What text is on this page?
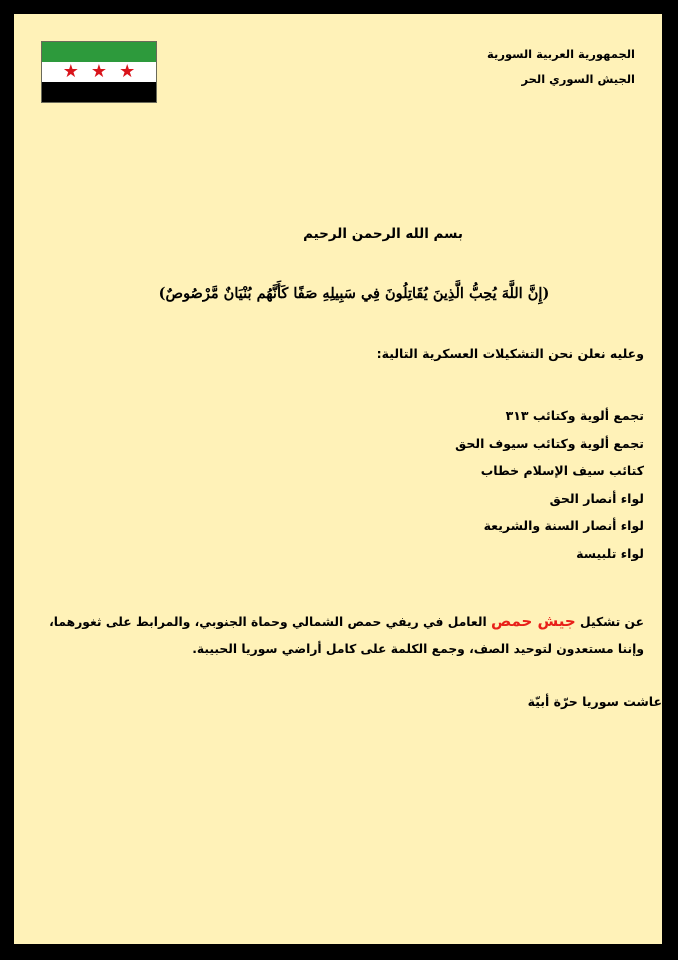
★ ★ ★
الجمهورية العربية السورية
الجيش السوري الحر
بسم الله الرحمن الرحيم
(إِنَّ اللَّهَ يُحِبُّ الَّذِينَ يُقَاتِلُونَ فِي سَبِيلِهِ صَفًا كَأَنَّهُم بُنْيَانٌ مَّرْصُوصٌ)
وعليه نعلن نحن التشكيلات العسكرية التالية:
تجمع ألوية وكتائب ٣١٣
تجمع ألوية وكتائب سيوف الحق
كتائب سيف الإسلام خطاب
لواء أنصار الحق
لواء أنصار السنة والشريعة
لواء تلبيسة
عن تشكيل جيش حمص العامل في ريفي حمص الشمالي وحماة الجنوبي، والمرابط على ثغورهما،
وإننا مستعدون لتوحيد الصف، وجمع الكلمة على كامل أراضي سوريا الحبيبة.
عاشت سوريا حرّة أبيّة
